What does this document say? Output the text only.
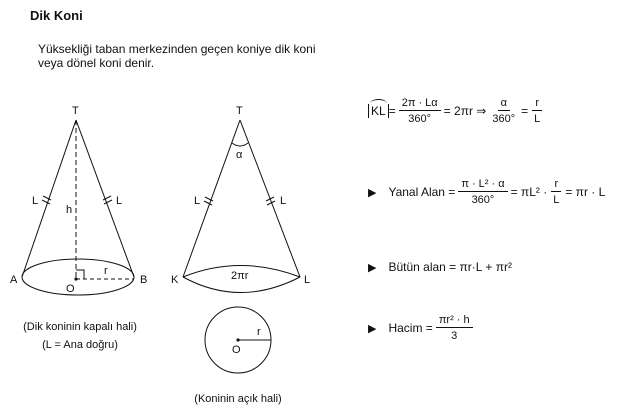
Dik Koni
Yüksekliği taban merkezinden geçen koniye dik koni veya dönel koni denir.
T
A	B
O
h
r
L	L
T
α
K	L
L	L
2πr
O
r
(Dik koninin kapalı hali)
(L = Ana doğru)
(Koninin açık hali)
KL = $\frac{2\pi \cdot L\alpha}{360^\circ} = 2\pi r$ ⇒ $\frac{\alpha}{360^\circ} = \frac{r}{L}$
▶ Yanal Alan = $\frac{\text{π · L² · α}}{360^\circ} = \pi L^2 \cdot \frac{r}{L} = \pi r \cdot L$
▶ Bütün alan = πr·L + πr²
▶ Hacim = $\frac{\text{πr² · h}}{3}$
